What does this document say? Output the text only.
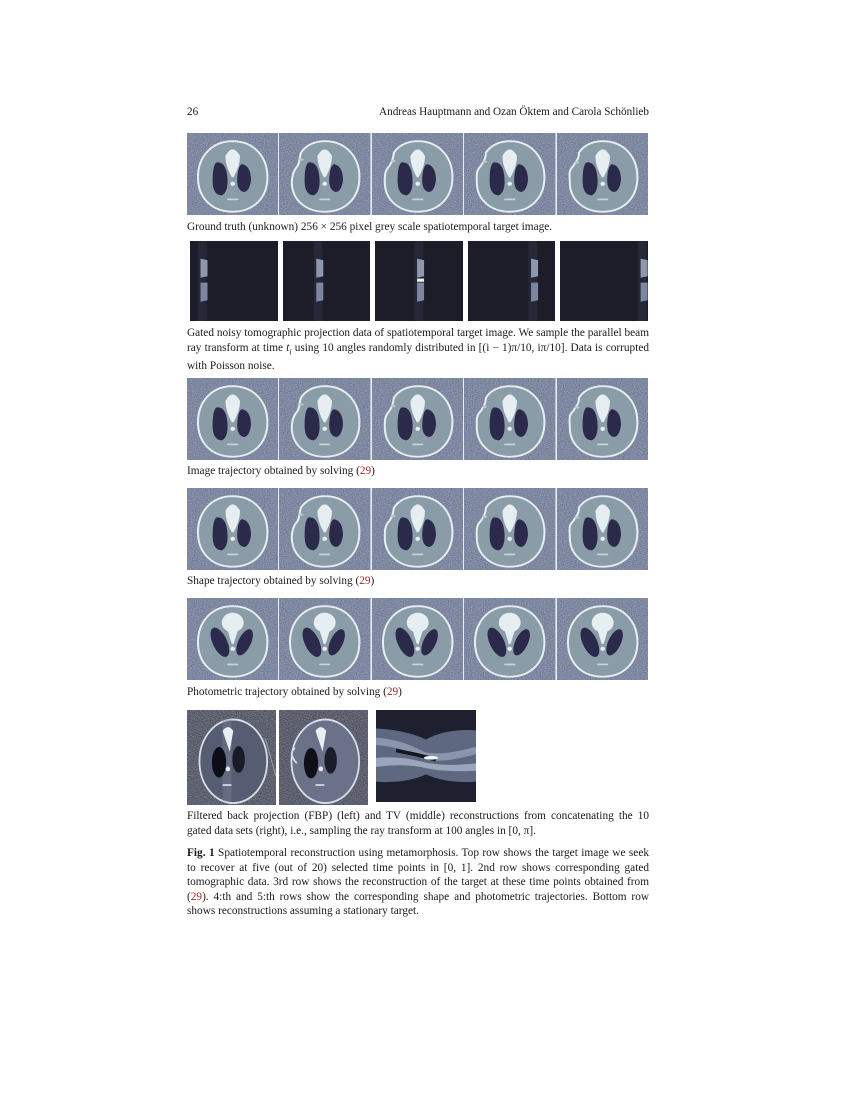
26	Andreas Hauptmann and Ozan Öktem and Carola Schönlieb
Ground truth (unknown) 256 × 256 pixel grey scale spatiotemporal target image.
Gated noisy tomographic projection data of spatiotemporal target image. We sample the parallel beam ray transform at time $t_i$ using 10 angles randomly distributed in [(i − 1)π/10, iπ/10]. Data is corrupted with Poisson noise.
Image trajectory obtained by solving (29)
Shape trajectory obtained by solving (29)
Photometric trajectory obtained by solving (29)
Filtered back projection (FBP) (left) and TV (middle) reconstructions from concatenating the 10 gated data sets (right), i.e., sampling the ray transform at 100 angles in [0, π].
Fig. 1 Spatiotemporal reconstruction using metamorphosis. Top row shows the target image we seek to recover at five (out of 20) selected time points in [0, 1]. 2nd row shows corresponding gated tomographic data. 3rd row shows the reconstruction of the target at these time points obtained from (29). 4:th and 5:th rows show the corresponding shape and photometric trajectories. Bottom row shows reconstructions assuming a stationary target.
